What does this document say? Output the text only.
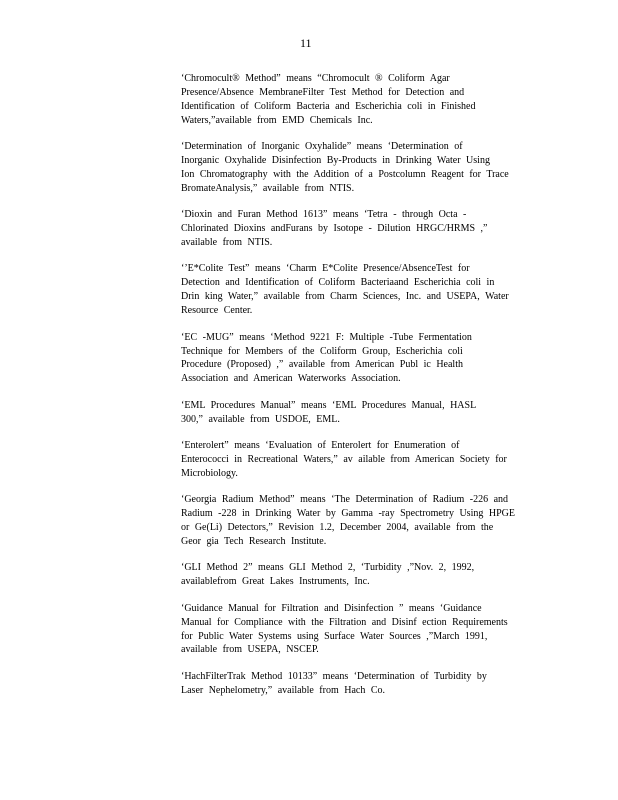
11

‘Chromocult® Method” means “Chromocult ® Coliform Agar
Presence/Absence MembraneFilter Test Method for Detection and
Identification of Coliform Bacteria and Escherichia coli in Finished
Waters,”available from EMD Chemicals Inc.

‘Determination of Inorganic Oxyhalide” means ‘Determination of
Inorganic Oxyhalide Disinfection By-Products in Drinking Water Using
Ion Chromatography with the Addition of a Postcolumn Reagent for Trace
BromateAnalysis,” available from NTIS.

‘Dioxin and Furan Method 1613” means ‘Tetra - through Octa -
Chlorinated Dioxins andFurans by Isotope - Dilution HRGC/HRMS ,”
available from NTIS.

‘’E*Colite Test” means ‘Charm E*Colite Presence/AbsenceTest for
Detection and Identification of Coliform Bacteriaand Escherichia coli in
Drin king Water,” available from Charm Sciences, Inc. and USEPA, Water
Resource Center.

‘EC -MUG” means ‘Method 9221 F: Multiple -Tube Fermentation
Technique for Members of the Coliform Group, Escherichia coli
Procedure (Proposed) ,” available from American Publ ic Health
Association and American Waterworks Association.

‘EML Procedures Manual” means ‘EML Procedures Manual, HASL
300,” available from USDOE, EML.

‘Enterolert” means ‘Evaluation of Enterolert for Enumeration of
Enterococci in Recreational Waters,” av ailable from American Society for
Microbiology.

‘Georgia Radium Method” means ‘The Determination of Radium -226 and
Radium -228 in Drinking Water by Gamma -ray Spectrometry Using HPGE
or Ge(Li) Detectors,” Revision 1.2, December 2004, available from the
Geor gia Tech Research Institute.

‘GLI Method 2” means GLI Method 2, ‘Turbidity ,”Nov. 2, 1992,
availablefrom Great Lakes Instruments, Inc.

‘Guidance Manual for Filtration and Disinfection ” means ‘Guidance
Manual for Compliance with the Filtration and Disinf ection Requirements
for Public Water Systems using Surface Water Sources ,”March 1991,
available from USEPA, NSCEP.

‘HachFilterTrak Method 10133” means ‘Determination of Turbidity by
Laser Nephelometry,” available from Hach Co.
